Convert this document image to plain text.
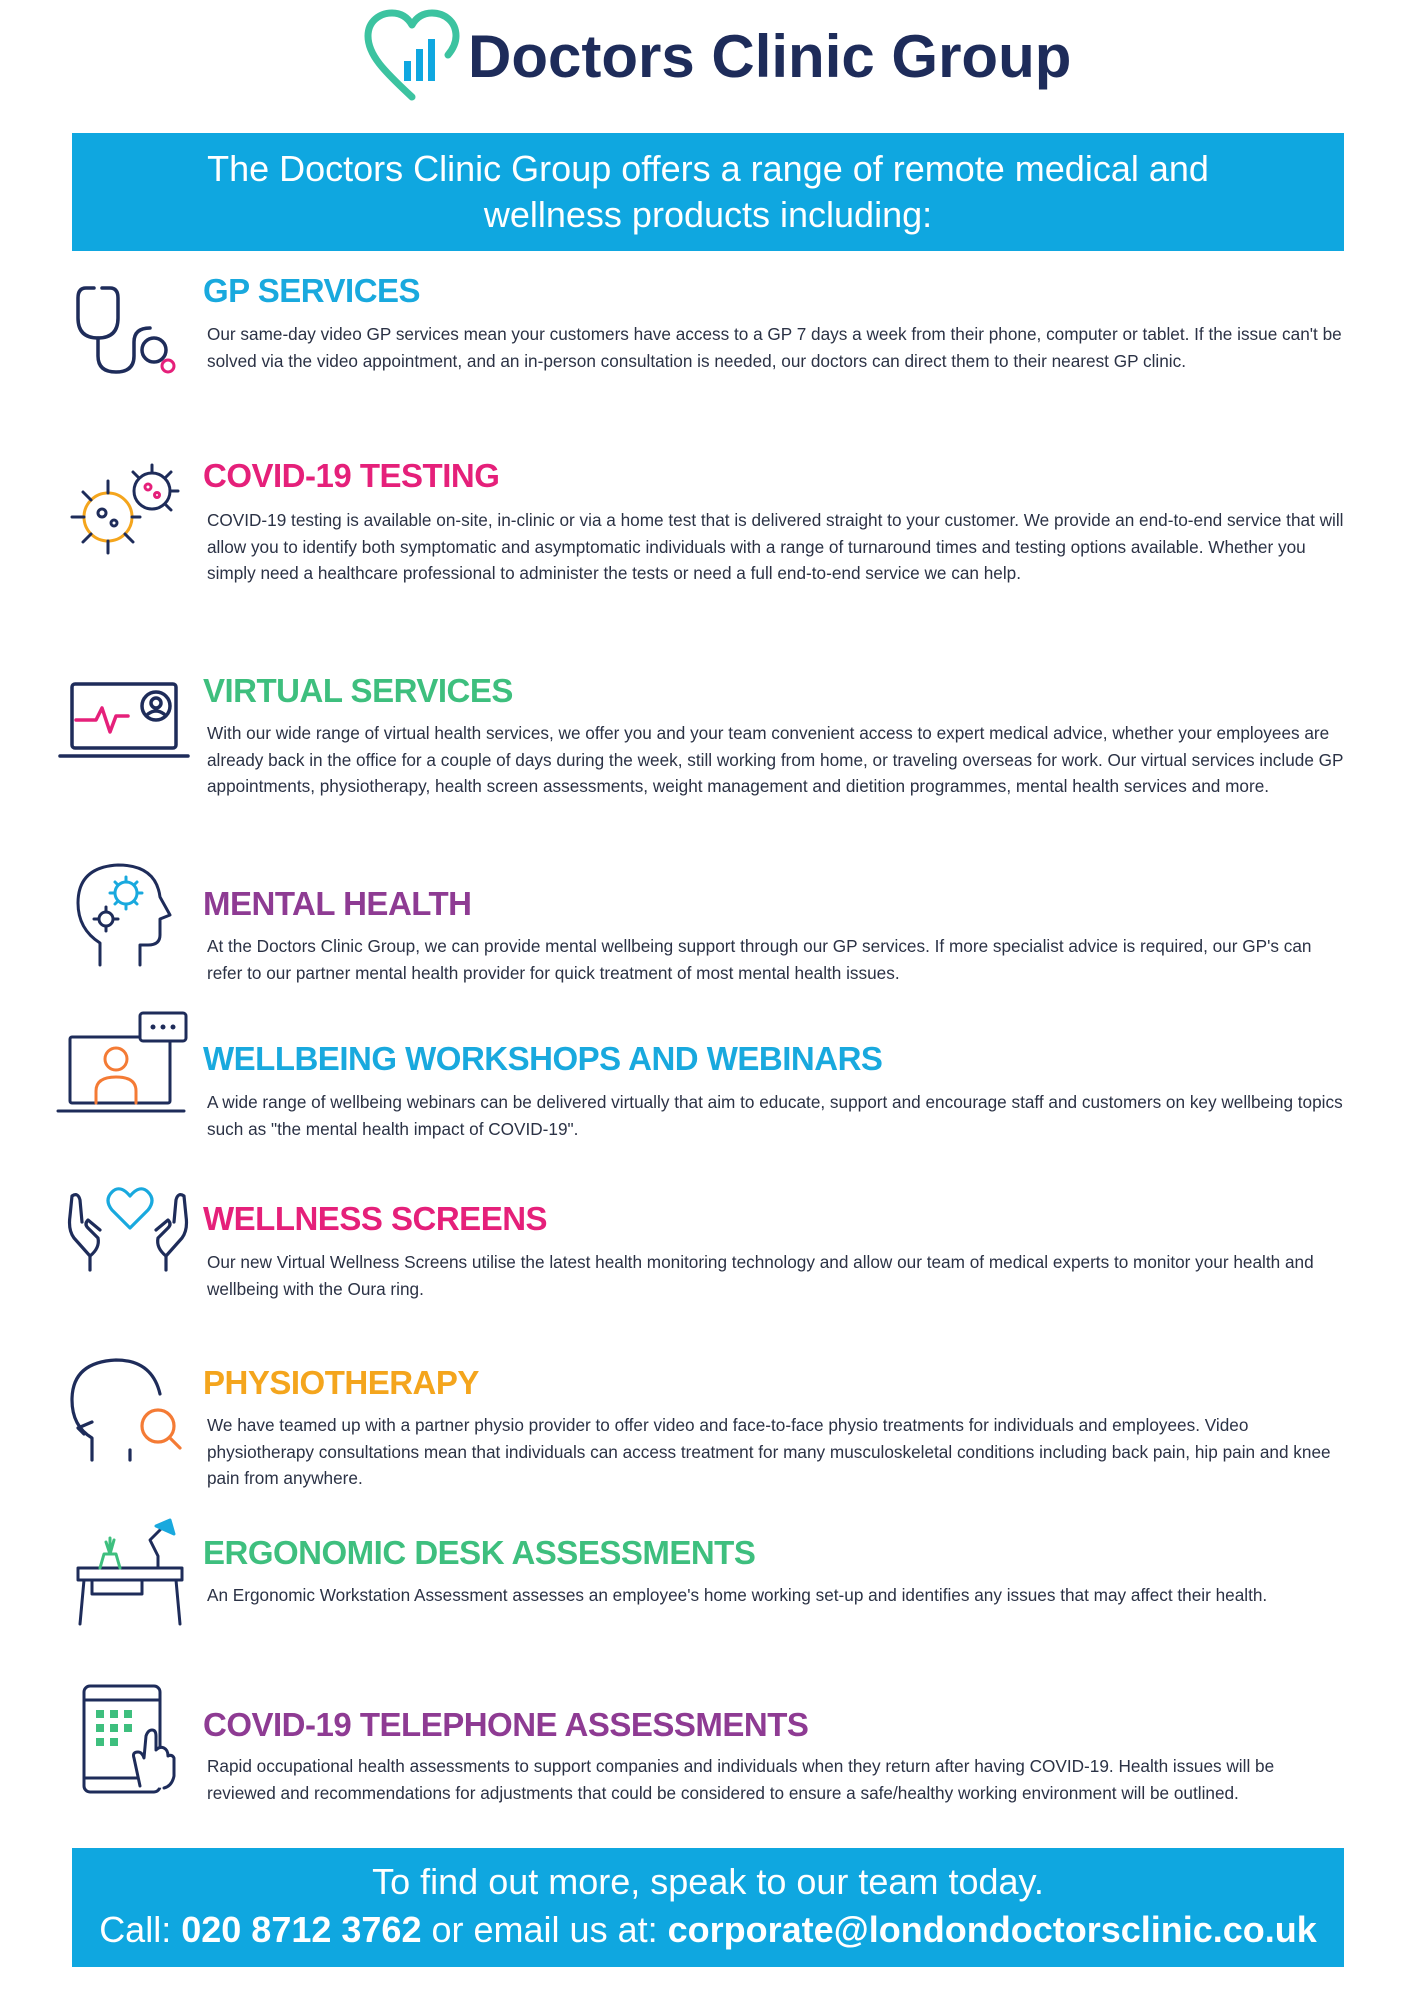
Doctors Clinic Group
The Doctors Clinic Group offers a range of remote medical and
wellness products including:
GP SERVICES
Our same-day video GP services mean your customers have access to a GP 7 days a week from their phone, computer or tablet. If the issue can't be solved via the video appointment, and an in-person consultation is needed, our doctors can direct them to their nearest GP clinic.
COVID-19 TESTING
COVID-19 testing is available on-site, in-clinic or via a home test that is delivered straight to your customer. We provide an end-to-end service that will allow you to identify both symptomatic and asymptomatic individuals with a range of turnaround times and testing options available. Whether you simply need a healthcare professional to administer the tests or need a full end-to-end service we can help.
VIRTUAL SERVICES
With our wide range of virtual health services, we offer you and your team convenient access to expert medical advice, whether your employees are already back in the office for a couple of days during the week, still working from home, or traveling overseas for work. Our virtual services include GP appointments, physiotherapy, health screen assessments, weight management and dietition programmes, mental health services and more.
MENTAL HEALTH
At the Doctors Clinic Group, we can provide mental wellbeing support through our GP services. If more specialist advice is required, our GP's can refer to our partner mental health provider for quick treatment of most mental health issues.
WELLBEING WORKSHOPS AND WEBINARS
A wide range of wellbeing webinars can be delivered virtually that aim to educate, support and encourage staff and customers on key wellbeing topics such as "the mental health impact of COVID-19".
WELLNESS SCREENS
Our new Virtual Wellness Screens utilise the latest health monitoring technology and allow our team of medical experts to monitor your health and wellbeing with the Oura ring.
PHYSIOTHERAPY
We have teamed up with a partner physio provider to offer video and face-to-face physio treatments for individuals and employees. Video physiotherapy consultations mean that individuals can access treatment for many musculoskeletal conditions including back pain, hip pain and knee pain from anywhere.
ERGONOMIC DESK ASSESSMENTS
An Ergonomic Workstation Assessment assesses an employee's home working set-up and identifies any issues that may affect their health.
COVID-19 TELEPHONE ASSESSMENTS
Rapid occupational health assessments to support companies and individuals when they return after having COVID-19. Health issues will be reviewed and recommendations for adjustments that could be considered to ensure a safe/healthy working environment will be outlined.
To find out more, speak to our team today.
Call: 020 8712 3762 or email us at: corporate@londondoctorsclinic.co.uk
